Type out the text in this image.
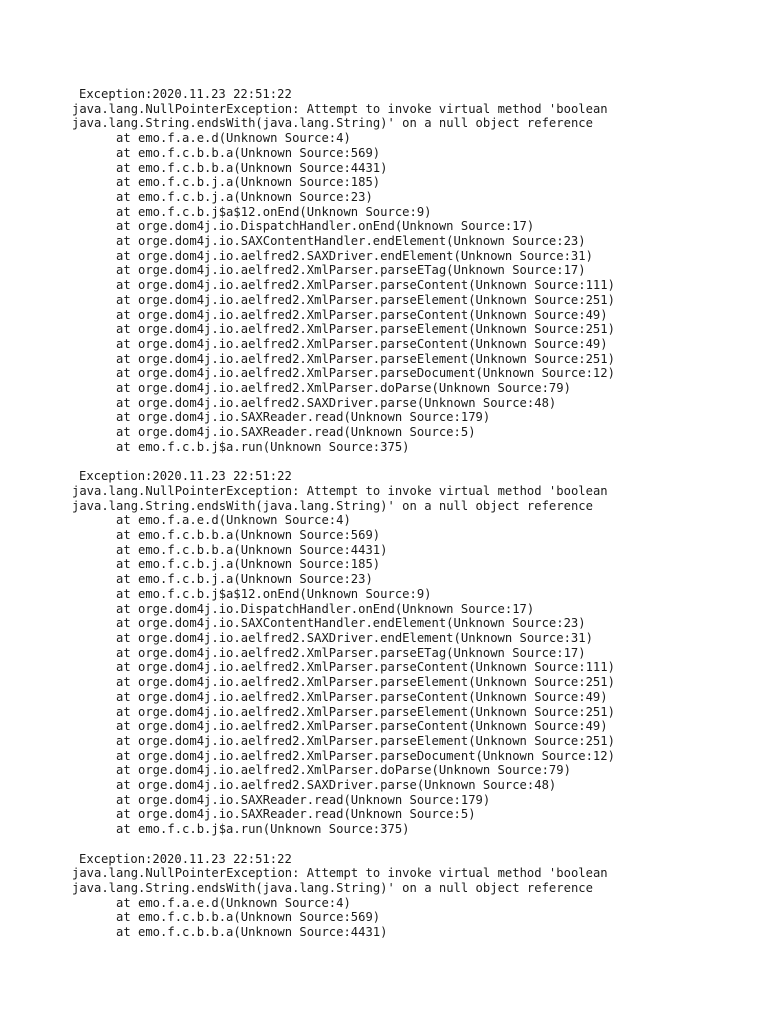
Exception:2020.11.23 22:51:22
java.lang.NullPointerException: Attempt to invoke virtual method 'boolean
java.lang.String.endsWith(java.lang.String)' on a null object reference
at emo.f.a.e.d(Unknown Source:4)
at emo.f.c.b.b.a(Unknown Source:569)
at emo.f.c.b.b.a(Unknown Source:4431)
at emo.f.c.b.j.a(Unknown Source:185)
at emo.f.c.b.j.a(Unknown Source:23)
at emo.f.c.b.j$a$12.onEnd(Unknown Source:9)
at orge.dom4j.io.DispatchHandler.onEnd(Unknown Source:17)
at orge.dom4j.io.SAXContentHandler.endElement(Unknown Source:23)
at orge.dom4j.io.aelfred2.SAXDriver.endElement(Unknown Source:31)
at orge.dom4j.io.aelfred2.XmlParser.parseETag(Unknown Source:17)
at orge.dom4j.io.aelfred2.XmlParser.parseContent(Unknown Source:111)
at orge.dom4j.io.aelfred2.XmlParser.parseElement(Unknown Source:251)
at orge.dom4j.io.aelfred2.XmlParser.parseContent(Unknown Source:49)
at orge.dom4j.io.aelfred2.XmlParser.parseElement(Unknown Source:251)
at orge.dom4j.io.aelfred2.XmlParser.parseContent(Unknown Source:49)
at orge.dom4j.io.aelfred2.XmlParser.parseElement(Unknown Source:251)
at orge.dom4j.io.aelfred2.XmlParser.parseDocument(Unknown Source:12)
at orge.dom4j.io.aelfred2.XmlParser.doParse(Unknown Source:79)
at orge.dom4j.io.aelfred2.SAXDriver.parse(Unknown Source:48)
at orge.dom4j.io.SAXReader.read(Unknown Source:179)
at orge.dom4j.io.SAXReader.read(Unknown Source:5)
at emo.f.c.b.j$a.run(Unknown Source:375)
Exception:2020.11.23 22:51:22
java.lang.NullPointerException: Attempt to invoke virtual method 'boolean
java.lang.String.endsWith(java.lang.String)' on a null object reference
at emo.f.a.e.d(Unknown Source:4)
at emo.f.c.b.b.a(Unknown Source:569)
at emo.f.c.b.b.a(Unknown Source:4431)
at emo.f.c.b.j.a(Unknown Source:185)
at emo.f.c.b.j.a(Unknown Source:23)
at emo.f.c.b.j$a$12.onEnd(Unknown Source:9)
at orge.dom4j.io.DispatchHandler.onEnd(Unknown Source:17)
at orge.dom4j.io.SAXContentHandler.endElement(Unknown Source:23)
at orge.dom4j.io.aelfred2.SAXDriver.endElement(Unknown Source:31)
at orge.dom4j.io.aelfred2.XmlParser.parseETag(Unknown Source:17)
at orge.dom4j.io.aelfred2.XmlParser.parseContent(Unknown Source:111)
at orge.dom4j.io.aelfred2.XmlParser.parseElement(Unknown Source:251)
at orge.dom4j.io.aelfred2.XmlParser.parseContent(Unknown Source:49)
at orge.dom4j.io.aelfred2.XmlParser.parseElement(Unknown Source:251)
at orge.dom4j.io.aelfred2.XmlParser.parseContent(Unknown Source:49)
at orge.dom4j.io.aelfred2.XmlParser.parseElement(Unknown Source:251)
at orge.dom4j.io.aelfred2.XmlParser.parseDocument(Unknown Source:12)
at orge.dom4j.io.aelfred2.XmlParser.doParse(Unknown Source:79)
at orge.dom4j.io.aelfred2.SAXDriver.parse(Unknown Source:48)
at orge.dom4j.io.SAXReader.read(Unknown Source:179)
at orge.dom4j.io.SAXReader.read(Unknown Source:5)
at emo.f.c.b.j$a.run(Unknown Source:375)
Exception:2020.11.23 22:51:22
java.lang.NullPointerException: Attempt to invoke virtual method 'boolean
java.lang.String.endsWith(java.lang.String)' on a null object reference
at emo.f.a.e.d(Unknown Source:4)
at emo.f.c.b.b.a(Unknown Source:569)
at emo.f.c.b.b.a(Unknown Source:4431)
